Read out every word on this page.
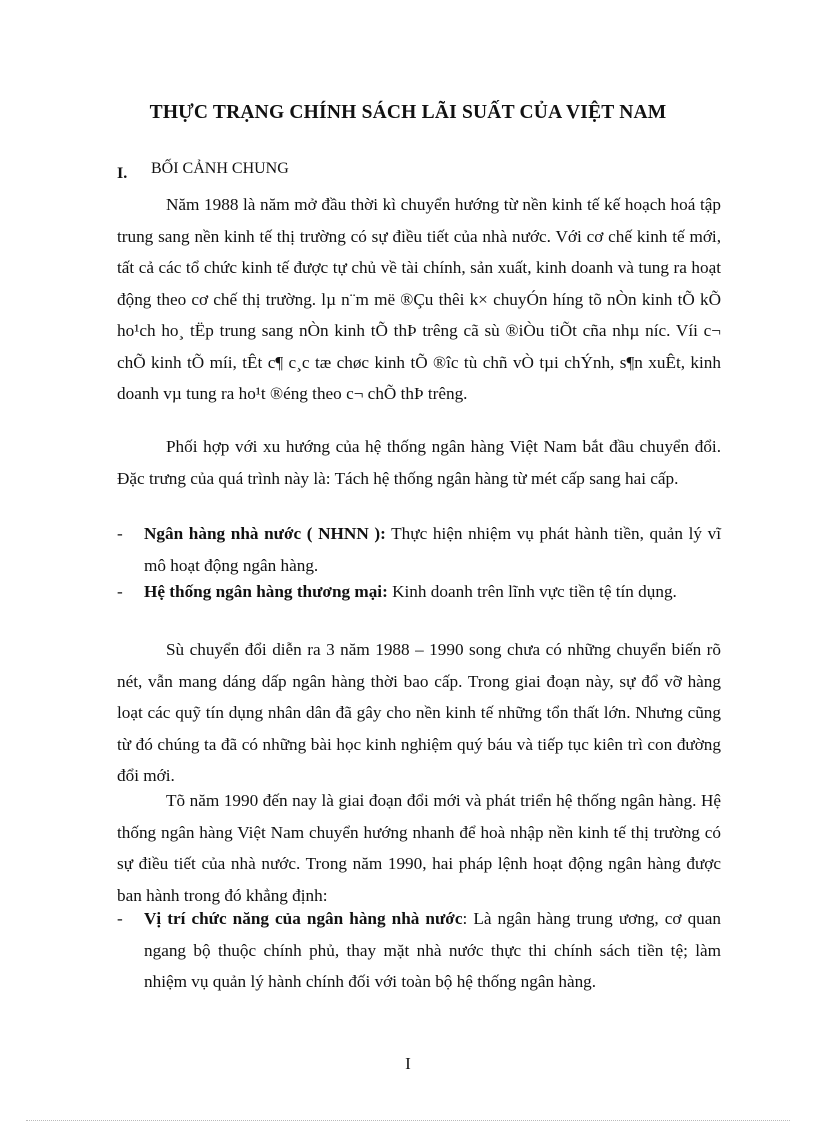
THỰC TRẠNG CHÍNH SÁCH LÃI SUẤT CỦA VIỆT NAM
I. BỐI CẢNH CHUNG

Năm 1988 là năm mở đầu thời kì chuyển hướng từ nền kinh tế kế hoạch hoá tập trung sang nền kinh tế thị trường có sự điều tiết của nhà nước. Với cơ chế kinh tế mới, tất cả các tổ chức kinh tế được tự chủ về tài chính, sản xuất, kinh doanh và tung ra hoạt động theo cơ chế thị trường. lµ n¨m më ®Çu thêi k× chuyÓn híng tõ nÒn kinh tÕ kÕ ho¹ch ho¸ tËp trung sang nÒn kinh tÕ thÞ trêng cã sù ®iÒu tiÕt cña nhµ níc. Víi c¬ chÕ kinh tÕ míi, tÊt c¶ c¸c tæ chøc kinh tÕ ®îc tù chñ vÒ tµi chÝnh, s¶n xuÊt, kinh doanh vµ tung ra ho¹t ®éng theo c¬ chÕ thÞ trêng.

Phối hợp với xu hướng của hệ thống ngân hàng Việt Nam bắt đầu chuyển đổi. Đặc trưng của quá trình này là: Tách hệ thống ngân hàng từ mét cấp sang hai cấp.

- Ngân hàng nhà nước ( NHNN ): Thực hiện nhiệm vụ phát hành tiền, quản lý vĩ mô hoạt động ngân hàng.
- Hệ thống ngân hàng thương mại: Kinh doanh trên lĩnh vực tiền tệ tín dụng.

Sù chuyển đổi diễn ra 3 năm 1988 – 1990 song chưa có những chuyển biến rõ nét, vẫn mang dáng dấp ngân hàng thời bao cấp. Trong giai đoạn này, sự đổ vỡ hàng loạt các quỹ tín dụng nhân dân đã gây cho nền kinh tế những tổn thất lớn. Nhưng cũng từ đó chúng ta đã có những bài học kinh nghiệm quý báu và tiếp tục kiên trì con đường đổi mới.

Tõ năm 1990 đến nay là giai đoạn đổi mới và phát triển hệ thống ngân hàng. Hệ thống ngân hàng Việt Nam chuyển hướng nhanh để hoà nhập nền kinh tế thị trường có sự điều tiết của nhà nước. Trong năm 1990, hai pháp lệnh hoạt động ngân hàng được ban hành trong đó khẳng định:

- Vị trí chức năng của ngân hàng nhà nước: Là ngân hàng trung ương, cơ quan ngang bộ thuộc chính phủ, thay mặt nhà nước thực thi chính sách tiền tệ; làm nhiệm vụ quản lý hành chính đối với toàn bộ hệ thống ngân hàng.

I
